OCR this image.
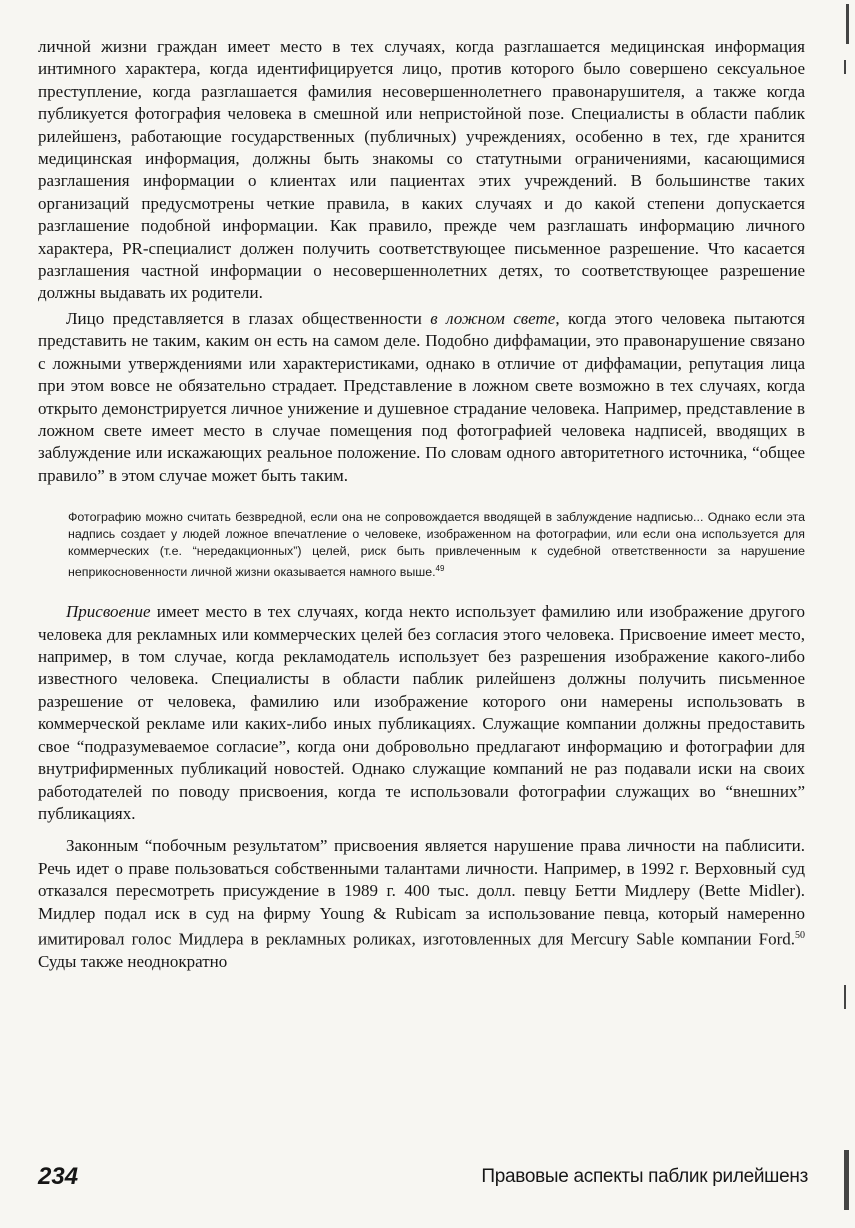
личной жизни граждан имеет место в тех случаях, когда разглашается медицинская информация интимного характера, когда идентифицируется лицо, против которого было совершено сексуальное преступление, когда разглашается фамилия несовершеннолетнего правонарушителя, а также когда публикуется фотография человека в смешной или непристойной позе. Специалисты в области паблик рилейшенз, работающие государственных (публичных) учреждениях, особенно в тех, где хранится медицинская информация, должны быть знакомы со статутными ограничениями, касающимися разглашения информации о клиентах или пациентах этих учреждений. В большинстве таких организаций предусмотрены четкие правила, в каких случаях и до какой степени допускается разглашение подобной информации. Как правило, прежде чем разглашать информацию личного характера, PR-специалист должен получить соответствующее письменное разрешение. Что касается разглашения частной информации о несовершеннолетних детях, то соответствующее разрешение должны выдавать их родители.

Лицо представляется в глазах общественности в ложном свете, когда этого человека пытаются представить не таким, каким он есть на самом деле. Подобно диффамации, это правонарушение связано с ложными утверждениями или характеристиками, однако в отличие от диффамации, репутация лица при этом вовсе не обязательно страдает. Представление в ложном свете возможно в тех случаях, когда открыто демонстрируется личное унижение и душевное страдание человека. Например, представление в ложном свете имеет место в случае помещения под фотографией человека надписей, вводящих в заблуждение или искажающих реальное положение. По словам одного авторитетного источника, “общее правило” в этом случае может быть таким.

Фотографию можно считать безвредной, если она не сопровождается вводящей в заблуждение надписью... Однако если эта надпись создает у людей ложное впечатление о человеке, изображенном на фотографии, или если она используется для коммерческих (т.е. “нередакционных”) целей, риск быть привлеченным к судебной ответственности за нарушение неприкосновенности личной жизни оказывается намного выше.$^{49}$

Присвоение имеет место в тех случаях, когда некто использует фамилию или изображение другого человека для рекламных или коммерческих целей без согласия этого человека. Присвоение имеет место, например, в том случае, когда рекламодатель использует без разрешения изображение какого-либо известного человека. Специалисты в области паблик рилейшенз должны получить письменное разрешение от человека, фамилию или изображение которого они намерены использовать в коммерческой рекламе или каких-либо иных публикациях. Служащие компании должны предоставить свое “подразумеваемое согласие”, когда они добровольно предлагают информацию и фотографии для внутрифирменных публикаций новостей. Однако служащие компаний не раз подавали иски на своих работодателей по поводу присвоения, когда те использовали фотографии служащих во “внешних” публикациях.

Законным “побочным результатом” присвоения является нарушение права личности на паблисити. Речь идет о праве пользоваться собственными талантами личности. Например, в 1992 г. Верховный суд отказался пересмотреть присуждение в 1989 г. 400 тыс. долл. певцу Бетти Мидлеру (Bette Midler). Мидлер подал иск в суд на фирму Young & Rubicam за использование певца, который намеренно имитировал голос Мидлера в рекламных роликах, изготовленных для Mercury Sable компании Ford.$^{50}$ Суды также неоднократно

234	Правовые аспекты паблик рилейшенз
